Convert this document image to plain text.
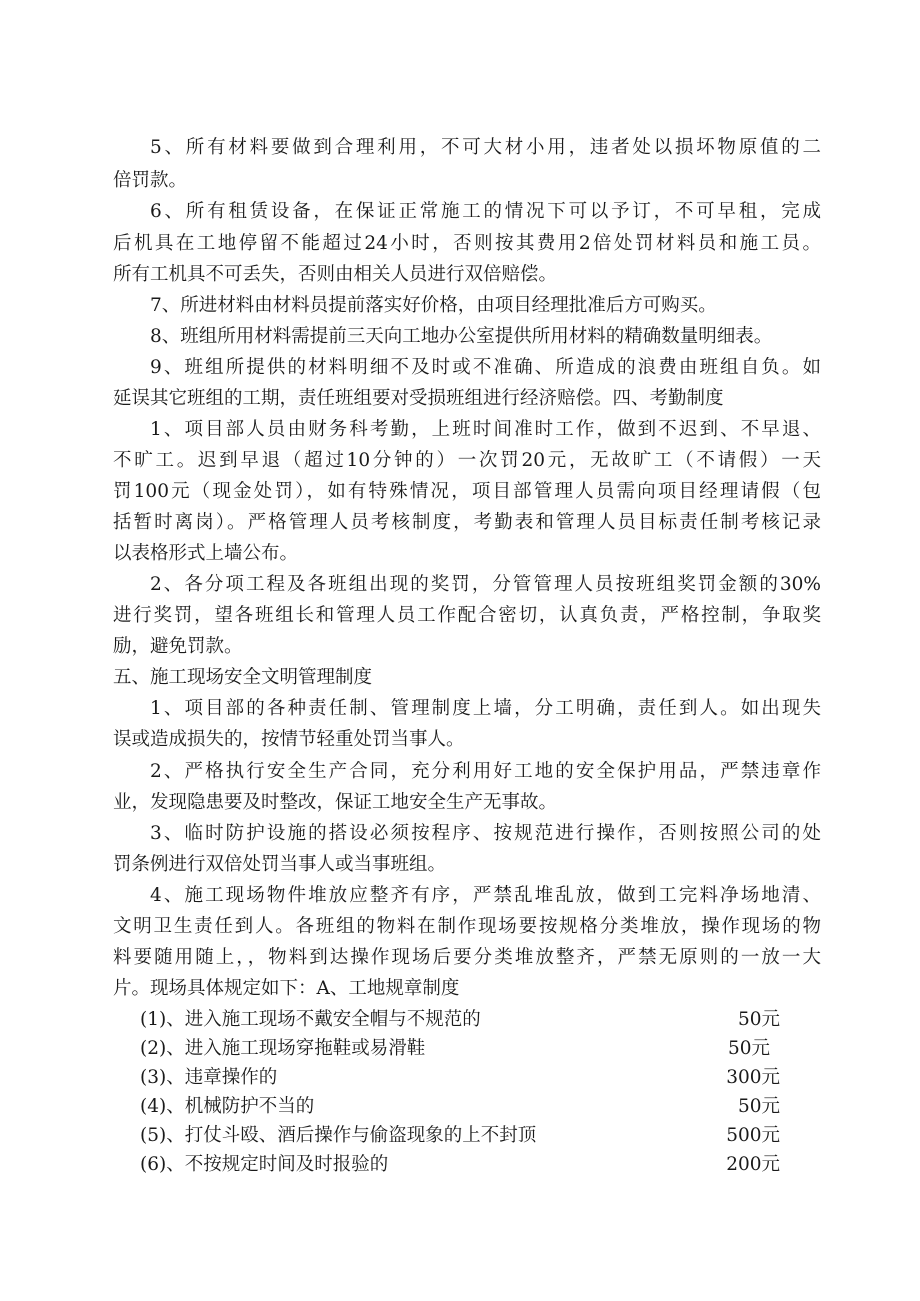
5、所有材料要做到合理利用，不可大材小用，违者处以损坏物原值的二
倍罚款。
6、所有租赁设备，在保证正常施工的情况下可以予订，不可早租，完成
后机具在工地停留不能超过24小时，否则按其费用2倍处罚材料员和施工员。
所有工机具不可丢失，否则由相关人员进行双倍赔偿。
7、所进材料由材料员提前落实好价格，由项目经理批准后方可购买。
8、班组所用材料需提前三天向工地办公室提供所用材料的精确数量明细表。
9、班组所提供的材料明细不及时或不准确、所造成的浪费由班组自负。如
延误其它班组的工期，责任班组要对受损班组进行经济赔偿。四、考勤制度
1、项目部人员由财务科考勤，上班时间准时工作，做到不迟到、不早退、
不旷工。迟到早退（超过10分钟的）一次罚20元，无故旷工（不请假）一天
罚100元（现金处罚），如有特殊情况，项目部管理人员需向项目经理请假（包
括暂时离岗）。严格管理人员考核制度，考勤表和管理人员目标责任制考核记录
以表格形式上墙公布。
2、各分项工程及各班组出现的奖罚，分管管理人员按班组奖罚金额的30%
进行奖罚，望各班组长和管理人员工作配合密切，认真负责，严格控制，争取奖
励，避免罚款。
五、施工现场安全文明管理制度
1、项目部的各种责任制、管理制度上墙，分工明确，责任到人。如出现失
误或造成损失的，按情节轻重处罚当事人。
2、严格执行安全生产合同，充分利用好工地的安全保护用品，严禁违章作
业，发现隐患要及时整改，保证工地安全生产无事故。
3、临时防护设施的搭设必须按程序、按规范进行操作，否则按照公司的处
罚条例进行双倍处罚当事人或当事班组。
4、施工现场物件堆放应整齐有序，严禁乱堆乱放，做到工完料净场地清、
文明卫生责任到人。各班组的物料在制作现场要按规格分类堆放，操作现场的物
料要随用随上，，物料到达操作现场后要分类堆放整齐，严禁无原则的一放一大
片。现场具体规定如下：A、工地规章制度
(1)、进入施工现场不戴安全帽与不规范的	50元
(2)、进入施工现场穿拖鞋或易滑鞋	50元
(3)、违章操作的	300元
(4)、机械防护不当的	50元
(5)、打仗斗殴、酒后操作与偷盗现象的上不封顶	500元
(6)、不按规定时间及时报验的	200元
